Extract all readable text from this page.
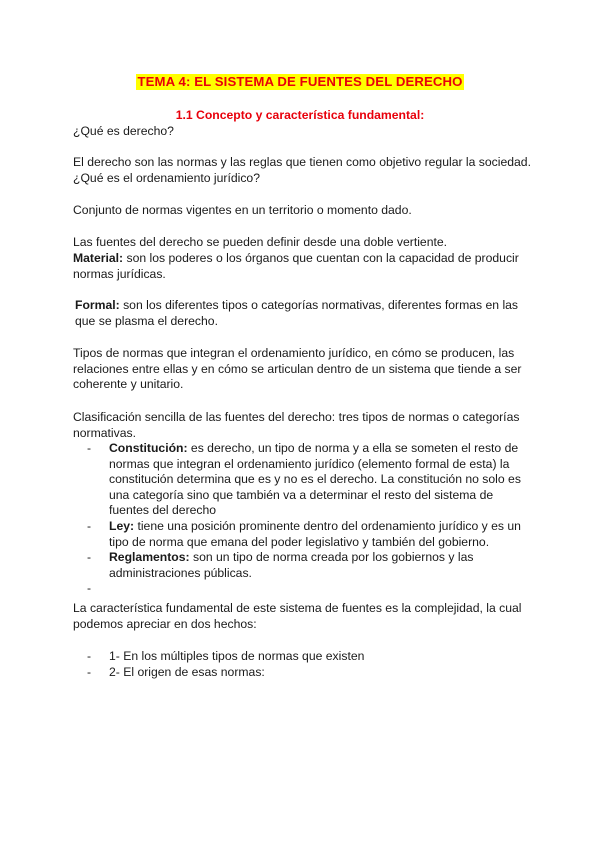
TEMA 4: EL SISTEMA DE FUENTES DEL DERECHO
1.1 Concepto y característica fundamental:

¿Qué es derecho?

El derecho son las normas y las reglas que tienen como objetivo regular la sociedad.

¿Qué es el ordenamiento jurídico?

Conjunto de normas vigentes en un territorio o momento dado.

Las fuentes del derecho se pueden definir desde una doble vertiente.

Material: son los poderes o los órganos que cuentan con la capacidad de producir normas jurídicas.

Formal: son los diferentes tipos o categorías normativas, diferentes formas en las que se plasma el derecho.

Tipos de normas que integran el ordenamiento jurídico, en cómo se producen, las relaciones entre ellas y en cómo se articulan dentro de un sistema que tiende a ser coherente y unitario.

Clasificación sencilla de las fuentes del derecho: tres tipos de normas o categorías normativas.

- Constitución: es derecho, un tipo de norma y a ella se someten el resto de normas que integran el ordenamiento jurídico (elemento formal de esta) la constitución determina que es y no es el derecho. La constitución no solo es una categoría sino que también va a determinar el resto del sistema de fuentes del derecho
- Ley: tiene una posición prominente dentro del ordenamiento jurídico y es un tipo de norma que emana del poder legislativo y también del gobierno.
- Reglamentos: son un tipo de norma creada por los gobiernos y las administraciones públicas.
-

La característica fundamental de este sistema de fuentes es la complejidad, la cual podemos apreciar en dos hechos:

- 1- En los múltiples tipos de normas que existen
- 2- El origen de esas normas:
